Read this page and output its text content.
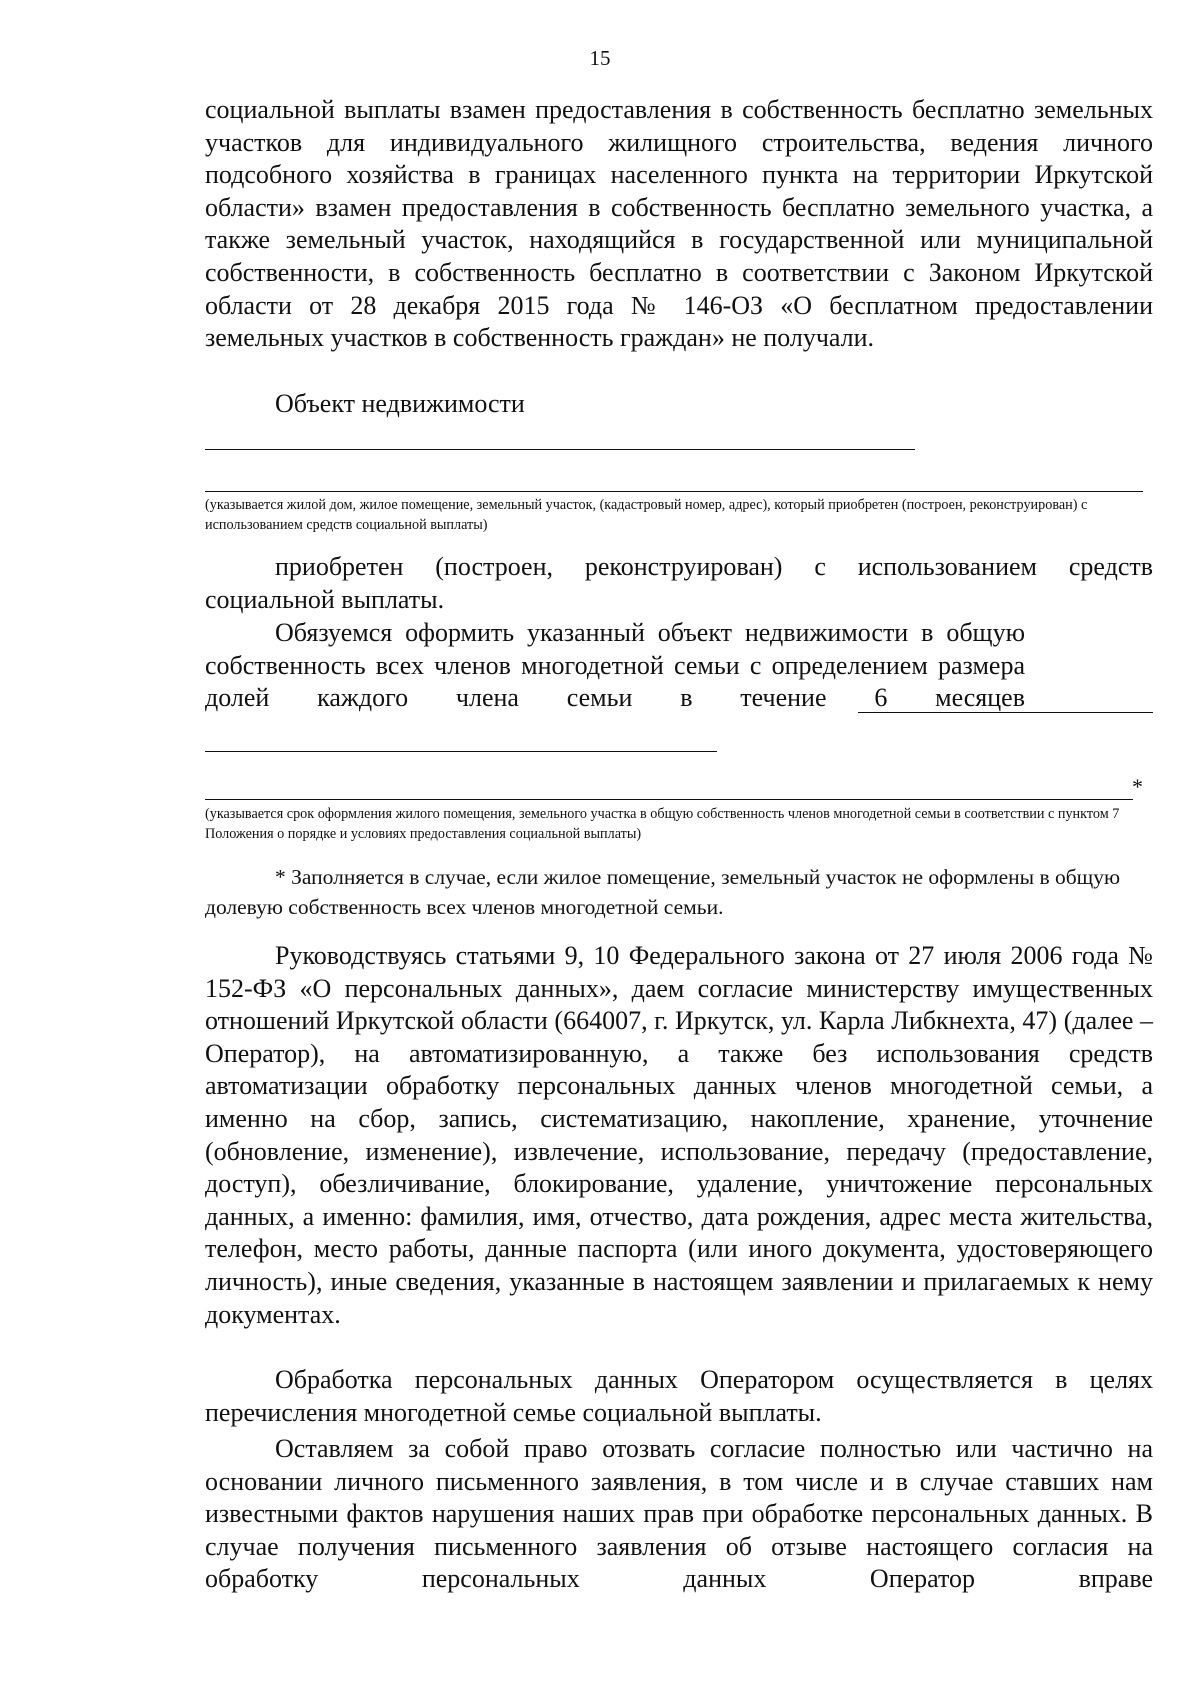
15
социальной выплаты взамен предоставления в собственность бесплатно земельных участков для индивидуального жилищного строительства, ведения личного подсобного хозяйства в границах населенного пункта на территории Иркутской области» взамен предоставления в собственность бесплатно земельного участка, а также земельный участок, находящийся в государственной или муниципальной собственности, в собственность бесплатно в соответствии с Законом Иркутской области от 28 декабря 2015 года № 146-ОЗ «О бесплатном предоставлении земельных участков в собственность граждан» не получали.
Объект недвижимости
(указывается жилой дом, жилое помещение, земельный участок, (кадастровый номер, адрес), который приобретен (построен, реконструирован) с использованием средств социальной выплаты)
приобретен (построен, реконструирован) с использованием средств социальной выплаты.
Обязуемся оформить указанный объект недвижимости в общую собственность всех членов многодетной семьи с определением размера долей каждого члена семьи в течение 6 месяцев
*
(указывается срок оформления жилого помещения, земельного участка в общую собственность членов многодетной семьи в соответствии с пунктом 7 Положения о порядке и условиях предоставления социальной выплаты)
* Заполняется в случае, если жилое помещение, земельный участок не оформлены в общую долевую собственность всех членов многодетной семьи.
Руководствуясь статьями 9, 10 Федерального закона от 27 июля 2006 года № 152-ФЗ «О персональных данных», даем согласие министерству имущественных отношений Иркутской области (664007, г. Иркутск, ул. Карла Либкнехта, 47) (далее – Оператор), на автоматизированную, а также без использования средств автоматизации обработку персональных данных членов многодетной семьи, а именно на сбор, запись, систематизацию, накопление, хранение, уточнение (обновление, изменение), извлечение, использование, передачу (предоставление, доступ), обезличивание, блокирование, удаление, уничтожение персональных данных, а именно: фамилия, имя, отчество, дата рождения, адрес места жительства, телефон, место работы, данные паспорта (или иного документа, удостоверяющего личность), иные сведения, указанные в настоящем заявлении и прилагаемых к нему документах.
Обработка персональных данных Оператором осуществляется в целях перечисления многодетной семье социальной выплаты.
Оставляем за собой право отозвать согласие полностью или частично на основании личного письменного заявления, в том числе и в случае ставших нам известными фактов нарушения наших прав при обработке персональных данных. В случае получения письменного заявления об отзыве настоящего согласия на обработку персональных данных Оператор вправе
